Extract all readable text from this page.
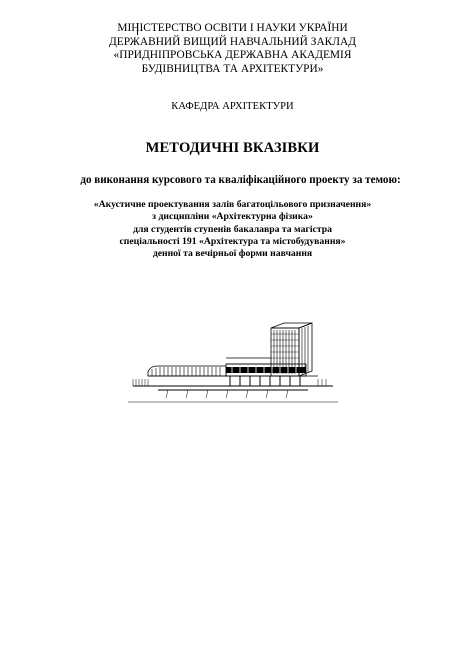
МІНІСТЕРСТВО ОСВІТИ І НАУКИ УКРАЇНИ
ДЕРЖАВНИЙ ВИЩИЙ НАВЧАЛЬНИЙ ЗАКЛАД
«ПРИДНІПРОВСЬКА ДЕРЖАВНА АКАДЕМІЯ
БУДІВНИЦТВА ТА АРХІТЕКТУРИ»
КАФЕДРА АРХІТЕКТУРИ
МЕТОДИЧНІ ВКАЗІВКИ
до виконання курсового та кваліфікаційного проекту за темою:
«Акустичне проектування залів багатоцільового призначення»
з дисципліни «Архітектурна фізика»
для студентів ступенів бакалавра та магістра
спеціальності 191 «Архітектура та містобудування»
денної та вечірньої форми навчання
